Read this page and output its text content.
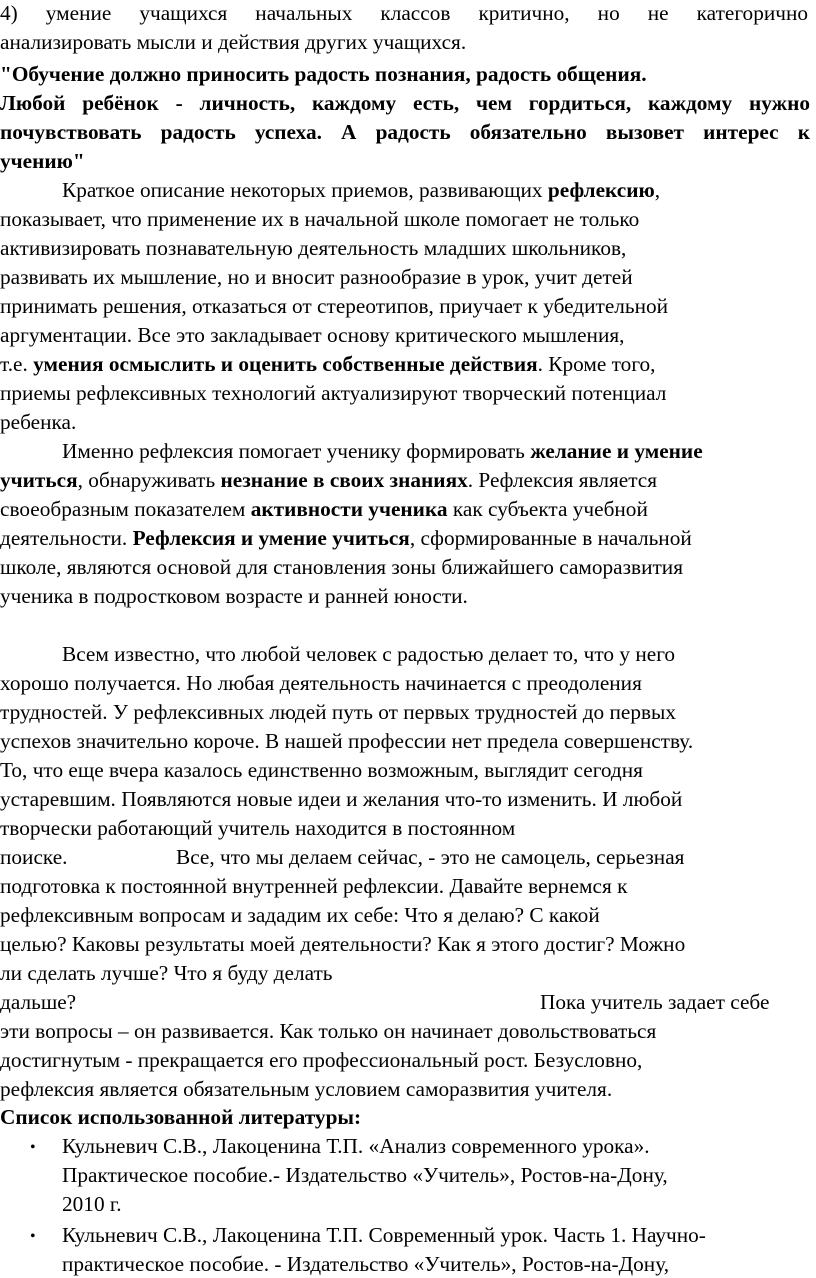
4) умение учащихся начальных классов критично, но не категорично
анализировать мысли и действия других учащихся.
"Обучение должно приносить радость познания, радость общения.
Любой ребёнок - личность, каждому есть, чем гордиться, каждому нужно
почувствовать радость успеха. А радость обязательно вызовет интерес к
учению"
Краткое описание некоторых приемов, развивающих рефлексию,
показывает, что применение их в начальной школе помогает не только
активизировать познавательную деятельность младших школьников,
развивать их мышление, но и вносит разнообразие в урок, учит детей
принимать решения, отказаться от стереотипов, приучает к убедительной
аргументации. Все это закладывает основу критического мышления,
т.е. умения осмыслить и оценить собственные действия. Кроме того,
приемы рефлексивных технологий актуализируют творческий потенциал
ребенка.
Именно рефлексия помогает ученику формировать желание и умение
учиться, обнаруживать незнание в своих знаниях. Рефлексия является
своеобразным показателем активности ученика как субъекта учебной
деятельности. Рефлексия и умение учиться, сформированные в начальной
школе, являются основой для становления зоны ближайшего саморазвития
ученика в подростковом возрасте и ранней юности.
Всем известно, что любой человек с радостью делает то, что у него
хорошо получается. Но любая деятельность начинается с преодоления
трудностей. У рефлексивных людей путь от первых трудностей до первых
успехов значительно короче. В нашей профессии нет предела совершенству.
То, что еще вчера казалось единственно возможным, выглядит сегодня
устаревшим. Появляются новые идеи и желания что-то изменить. И любой
творчески работающий учитель находится в постоянном
поиске.	Все, что мы делаем сейчас, - это не самоцель, серьезная
подготовка к постоянной внутренней рефлексии. Давайте вернемся к
рефлексивным вопросам и зададим их себе: Что я делаю? С какой
целью? Каковы результаты моей деятельности? Как я этого достиг? Можно
ли сделать лучше? Что я буду делать
дальше?	Пока учитель задает себе
эти вопросы – он развивается. Как только он начинает довольствоваться
достигнутым - прекращается его профессиональный рост. Безусловно,
рефлексия является обязательным условием саморазвития учителя.
Список использованной литературы:
• Кульневич С.В., Лакоценина Т.П. «Анализ современного урока».
Практическое пособие.- Издательство «Учитель», Ростов-на-Дону,
2010 г.
• Кульневич С.В., Лакоценина Т.П. Современный урок. Часть 1. Научно-
практическое пособие. - Издательство «Учитель», Ростов-на-Дону,
